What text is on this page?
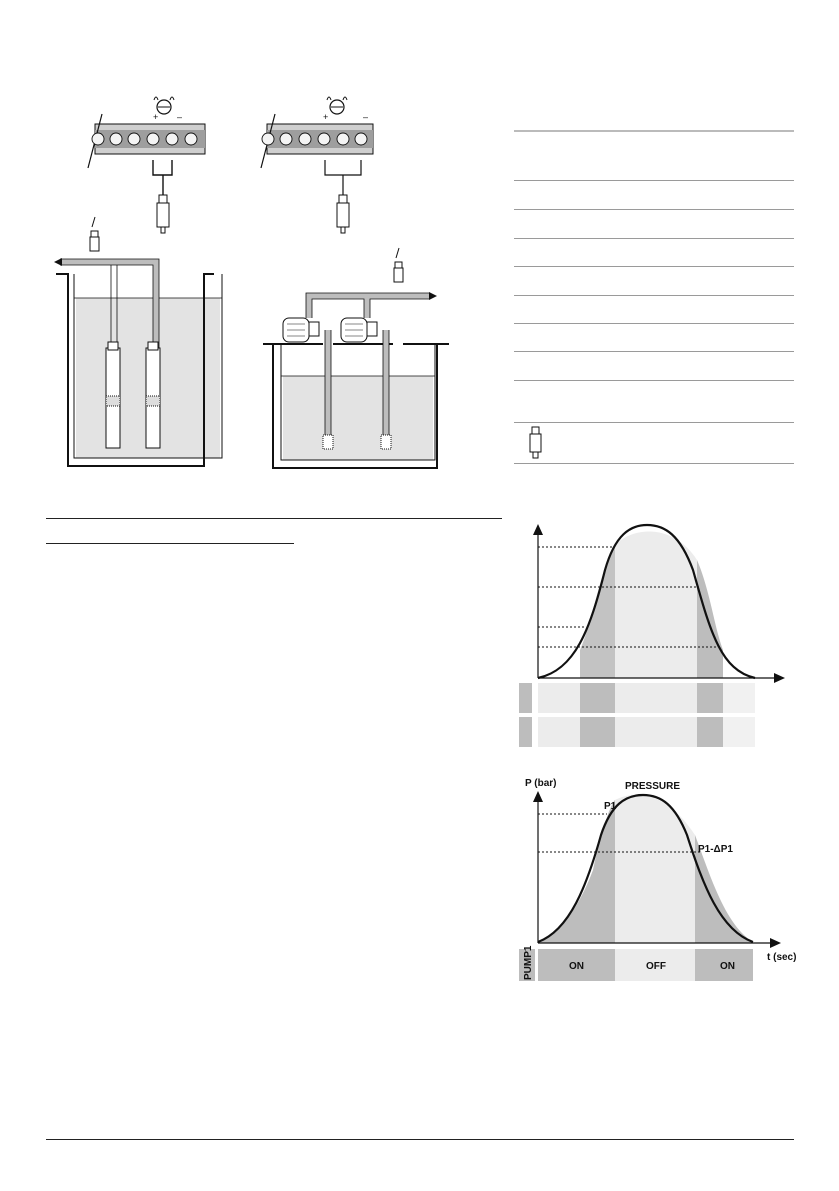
+ –	+	–
P (bar)	PRESSURE
P1
P1-ΔP1
t (sec)
PUMP1	ON	OFF	ON
